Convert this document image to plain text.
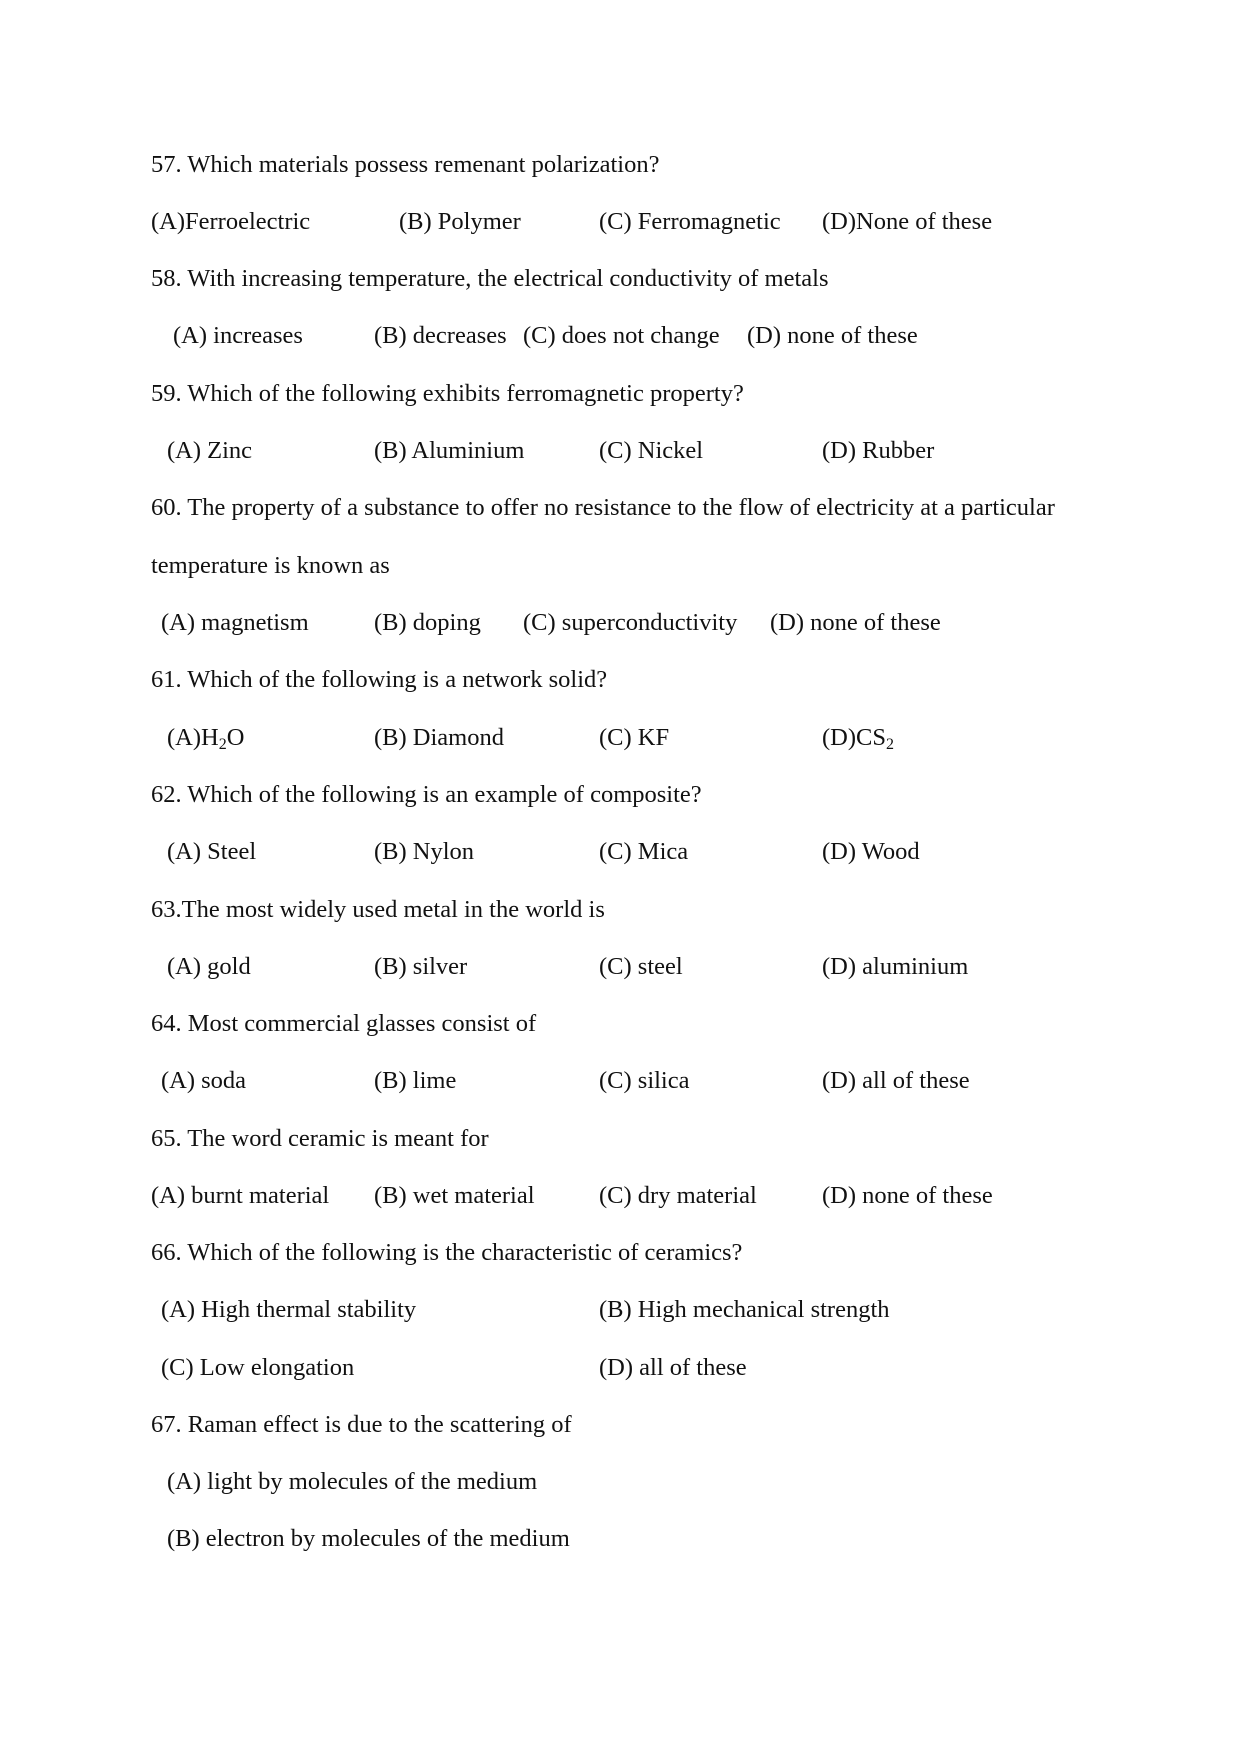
57. Which materials possess remenant polarization?
(A)Ferroelectric	(B) Polymer	(C) Ferromagnetic (D)None of these
58. With increasing temperature, the electrical conductivity of metals
(A) increases	(B) decreases (C) does not change (D) none of these
59. Which of the following exhibits ferromagnetic property?
(A) Zinc	(B) Aluminium	(C) Nickel	(D) Rubber
60. The property of a substance to offer no resistance to the flow of electricity at a particular
temperature is known as
(A) magnetism	(B) doping (C) superconductivity (D) none of these
61. Which of the following is a network solid?
$(A)H_2O$	(B) Diamond	(C) KF	$(D)CS_2$
62. Which of the following is an example of composite?
(A) Steel	(B) Nylon	(C) Mica	(D) Wood
63.The most widely used metal in the world is
(A) gold	(B) silver	(C) steel	(D) aluminium
64. Most commercial glasses consist of
(A) soda	(B) lime	(C) silica	(D) all of these
65. The word ceramic is meant for
(A) burnt material (B) wet material	(C) dry material	(D) none of these
66. Which of the following is the characteristic of ceramics?
(A) High thermal stability	(B) High mechanical strength
(C) Low elongation	(D) all of these
67. Raman effect is due to the scattering of
(A) light by molecules of the medium
(B) electron by molecules of the medium
